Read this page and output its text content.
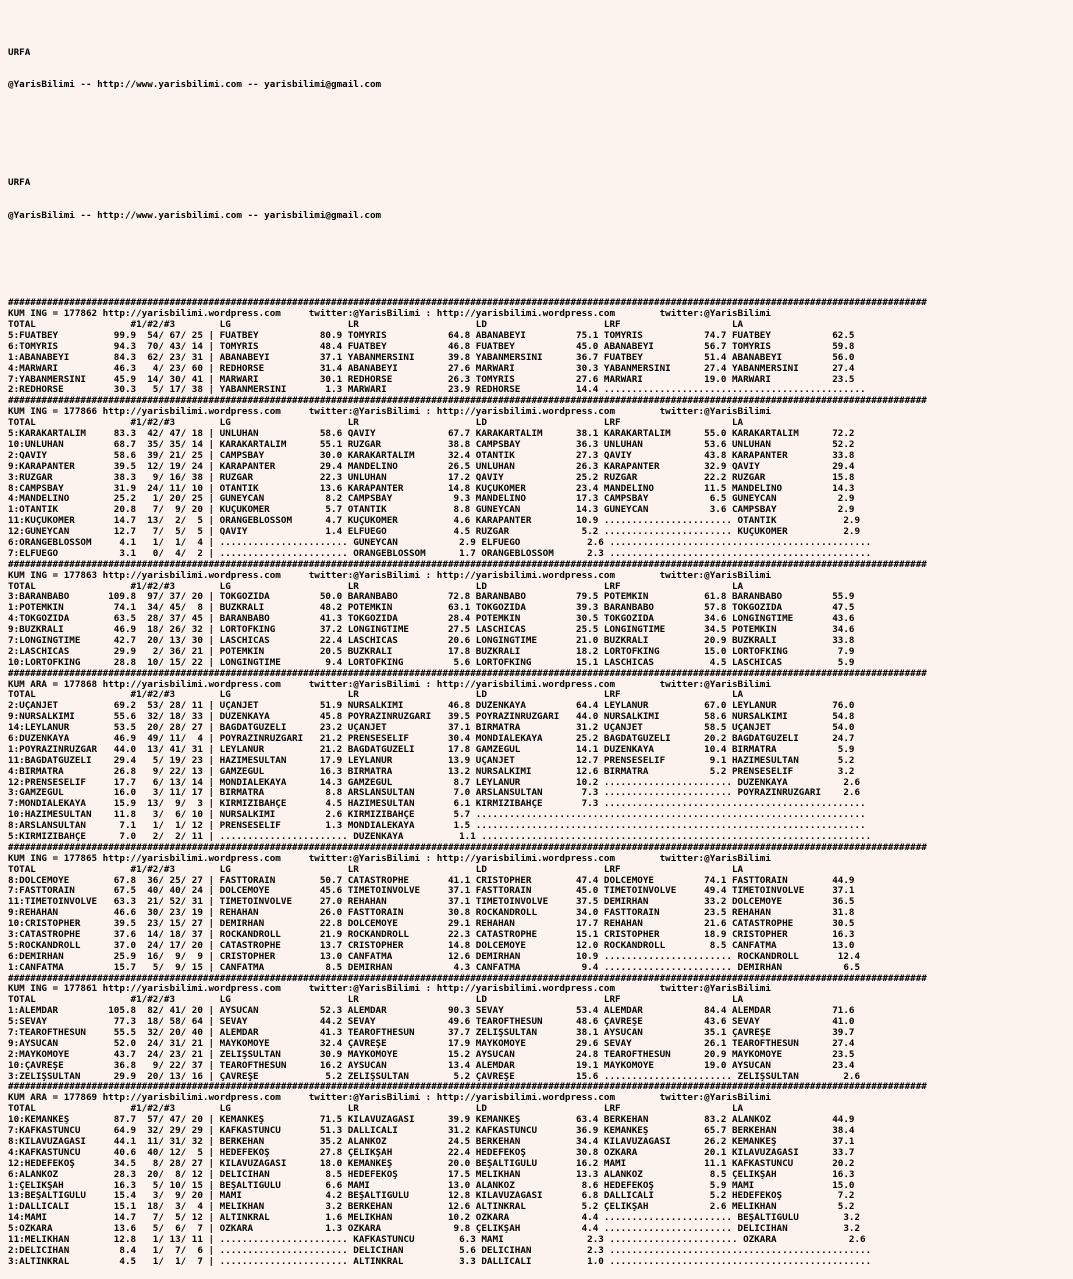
URFA

@YarisBilimi -- http://www.yarisbilimi.com -- yarisbilimi@gmail.com

URFA

@YarisBilimi -- http://www.yarisbilimi.com -- yarisbilimi@gmail.com

#####################################################################################################################################################################
KUM ING = 177862 http://yarisbilimi.wordpress.com     twitter:@YarisBilimi : http://yarisbilimi.wordpress.com        twitter:@YarisBilimi
TOTAL                 #1/#2/#3        LG                     LR                     LD                     LRF                    LA
5:FUATBEY          99.9  54/ 67/ 25 | FUATBEY           80.9 TOMYRİS           64.8 ABANABEYİ         75.1 TOMYRİS           74.7 FUATBEY           62.5
6:TOMYRİS          94.3  70/ 43/ 14 | TOMYRİS           48.4 FUATBEY           46.8 FUATBEY           45.0 ABANABEYİ         56.7 TOMYRİS           59.8
1:ABANABEYİ        84.3  62/ 23/ 31 | ABANABEYİ         37.1 YABANMERSİNİ      39.8 YABANMERSİNİ      36.7 FUATBEY           51.4 ABANABEYİ         56.0
4:MARWARI          46.3   4/ 23/ 60 | REDHORSE          31.4 ABANABEYİ         27.6 MARWARI           30.3 YABANMERSİNİ      27.4 YABANMERSİNİ      27.4
7:YABANMERSİNİ     45.9  14/ 30/ 41 | MARWARI           30.1 REDHORSE          26.3 TOMYRİS           27.6 MARWARI           19.0 MARWARI           23.5
2:REDHORSE         30.3   5/ 17/ 38 | YABANMERSİNİ       1.3 MARWARI           23.9 REDHORSE          14.4 ...............................................
#####################################################################################################################################################################
KUM ING = 177866 http://yarisbilimi.wordpress.com     twitter:@YarisBilimi : http://yarisbilimi.wordpress.com        twitter:@YarisBilimi
TOTAL                 #1/#2/#3        LG                     LR                     LD                     LRF                    LA
5:KARAKARTALIM     83.3  42/ 47/ 18 | UNLUHAN           58.6 QAVIY             67.7 KARAKARTALIM      38.1 KARAKARTALIM      55.0 KARAKARTALIM      72.2
10:UNLUHAN         68.7  35/ 35/ 14 | KARAKARTALIM      55.1 RUZGAR            38.8 CAMPSBAY          36.3 UNLUHAN           53.6 UNLUHAN           52.2
2:QAVIY            58.6  39/ 21/ 25 | CAMPSBAY          30.0 KARAKARTALIM      32.4 OTANTİK           27.3 QAVIY             43.8 KARAPANTER        33.8
9:KARAPANTER       39.5  12/ 19/ 24 | KARAPANTER        29.4 MANDELINO         26.5 UNLUHAN           26.3 KARAPANTER        32.9 QAVIY             29.4
3:RUZGAR           38.3   9/ 16/ 38 | RUZGAR            22.3 UNLUHAN           17.2 QAVIY             25.2 RUZGAR            22.2 RUZGAR            15.8
8:CAMPSBAY         31.9  24/ 11/ 10 | OTANTİK           13.6 KARAPANTER        14.8 KUÇUKOMER         23.4 MANDELINO         11.5 MANDELINO         14.3
4:MANDELINO        25.2   1/ 20/ 25 | GUNEYCAN           8.2 CAMPSBAY           9.3 MANDELINO         17.3 CAMPSBAY           6.5 GUNEYCAN           2.9
1:OTANTİK          20.8   7/  9/ 20 | KUÇUKOMER          5.7 OTANTİK            8.8 GUNEYCAN          14.3 GUNEYCAN           3.6 CAMPSBAY           2.9
11:KUÇUKOMER       14.7  13/  2/  5 | ORANGEBLOSSOM      4.7 KUÇUKOMER          4.6 KARAPANTER        10.9 ....................... OTANTİK            2.9
12:GUNEYCAN        12.7   7/  5/  5 | QAVIY              1.4 ELFUEGO            4.5 RUZGAR             5.2 ....................... KUÇUKOMER          2.9
6:ORANGEBLOSSOM     4.1   1/  1/  4 | ....................... GUNEYCAN           2.9 ELFUEGO            2.6 ...............................................
7:ELFUEGO           3.1   0/  4/  2 | ....................... ORANGEBLOSSOM      1.7 ORANGEBLOSSOM      2.3 ...............................................
#####################################################################################################################################################################
KUM ING = 177863 http://yarisbilimi.wordpress.com     twitter:@YarisBilimi : http://yarisbilimi.wordpress.com        twitter:@YarisBilimi
TOTAL                 #1/#2/#3        LG                     LR                     LD                     LRF                    LA
3:BARANBABO       109.8  97/ 37/ 20 | TOKGOZİDA         50.0 BARANBABO         72.8 BARANBABO         79.5 POTEMKIN          61.8 BARANBABO         55.9
1:POTEMKIN         74.1  34/ 45/  8 | BUZKRALI          48.2 POTEMKIN          63.1 TOKGOZİDA         39.3 BARANBABO         57.8 TOKGOZİDA         47.5
4:TOKGOZİDA        63.5  28/ 37/ 45 | BARANBABO         41.3 TOKGOZİDA         28.4 POTEMKIN          30.5 TOKGOZİDA         34.6 LONGINGTIME       43.6
9:BUZKRALI         46.9  18/ 26/ 32 | LORTOFKING        37.2 LONGINGTIME       27.5 LASCHICAS         25.5 LONGINGTIME       34.5 POTEMKIN          34.6
7:LONGINGTIME      42.7  20/ 13/ 30 | LASCHICAS         22.4 LASCHICAS         20.6 LONGINGTIME       21.0 BUZKRALI          20.9 BUZKRALI          33.8
2:LASCHICAS        29.9   2/ 36/ 21 | POTEMKIN          20.5 BUZKRALI          17.8 BUZKRALI          18.2 LORTOFKING        15.0 LORTOFKING         7.9
10:LORTOFKING      28.8  10/ 15/ 22 | LONGINGTIME        9.4 LORTOFKING         5.6 LORTOFKING        15.1 LASCHICAS          4.5 LASCHICAS          5.9
#####################################################################################################################################################################
KUM ARA = 177868 http://yarisbilimi.wordpress.com     twitter:@YarisBilimi : http://yarisbilimi.wordpress.com        twitter:@YarisBilimi
TOTAL                 #1/#2/#3        LG                     LR                     LD                     LRF                    LA
2:UÇANJET          69.2  53/ 28/ 11 | UÇANJET           51.9 NURSALKIMI        46.8 DUZENKAYA         64.4 LEYLANUR          67.0 LEYLANUR          76.0
9:NURSALKIMI       55.6  32/ 18/ 33 | DUZENKAYA         45.8 POYRAZINRUZGARI   39.5 POYRAZINRUZGARI   44.0 NURSALKIMI        58.6 NURSALKIMI        54.8
14:LEYLANUR        53.5  20/ 28/ 27 | BAGDATGUZELİ      23.2 UÇANJET           37.1 BIRMATRA          31.2 UÇANJET           58.5 UÇANJET           54.0
6:DUZENKAYA        46.9  49/ 11/  4 | POYRAZINRUZGARI   21.2 PRENSESELİF       30.4 MONDIALEKAYA      25.2 BAGDATGUZELİ      20.2 BAGDATGUZELİ      24.7
1:POYRAZINRUZGAR   44.0  13/ 41/ 31 | LEYLANUR          21.2 BAGDATGUZELİ      17.8 GAMZEGUL          14.1 DUZENKAYA         10.4 BIRMATRA           5.9
11:BAGDATGUZELİ    29.4   5/ 19/ 23 | HAZIMESULTAN      17.9 LEYLANUR          13.9 UÇANJET           12.7 PRENSESELİF        9.1 HAZIMESULTAN       5.2
4:BIRMATRA         26.8   9/ 22/ 13 | GAMZEGUL          16.3 BIRMATRA          13.2 NURSALKIMI        12.6 BIRMATRA           5.2 PRENSESELİF        3.2
12:PRENSESELİF     17.7   6/ 13/ 14 | MONDIALEKAYA      14.3 GAMZEGUL           8.7 LEYLANUR          10.2 ....................... DUZENKAYA          2.6
3:GAMZEGUL         16.0   3/ 11/ 17 | BIRMATRA           8.8 ARSLANSULTAN       7.0 ARSLANSULTAN       7.3 ....................... POYRAZINRUZGARI    2.6
7:MONDIALEKAYA     15.9  13/  9/  3 | KIRMIZIBAHÇE       4.5 HAZIMESULTAN       6.1 KIRMIZIBAHÇE       7.3 ...............................................
10:HAZIMESULTAN    11.8   3/  6/ 10 | NURSALKIMI         2.6 KIRMIZIBAHÇE       5.7 ......................................................................
8:ARSLANSULTAN      7.1   1/  1/ 12 | PRENSESELİF        1.3 MONDIALEKAYA       1.5 ......................................................................
5:KIRMIZIBAHÇE      7.0   2/  2/ 11 | ....................... DUZENKAYA          1.1 ......................................................................
#####################################################################################################################################################################
KUM ING = 177865 http://yarisbilimi.wordpress.com     twitter:@YarisBilimi : http://yarisbilimi.wordpress.com        twitter:@YarisBilimi
TOTAL                 #1/#2/#3        LG                     LR                     LD                     LRF                    LA
8:DOLCEMOYE        67.8  36/ 25/ 27 | FASTTORAIN        50.7 CATASTROPHE       41.1 CRISTOPHER        47.4 DOLCEMOYE         74.1 FASTTORAIN        44.9
7:FASTTORAIN       67.5  40/ 40/ 24 | DOLCEMOYE         45.6 TIMETOINVOLVE     37.1 FASTTORAIN        45.0 TIMETOINVOLVE     49.4 TIMETOINVOLVE     37.1
11:TIMETOINVOLVE   63.3  21/ 52/ 31 | TIMETOINVOLVE     27.0 REHAHAN           37.1 TIMETOINVOLVE     37.5 DEMİRHAN          33.2 DOLCEMOYE         36.5
9:REHAHAN          46.6  30/ 23/ 19 | REHAHAN           26.0 FASTTORAIN        30.8 ROCKANDROLL       34.0 FASTTORAIN        23.5 REHAHAN           31.8
10:CRISTOPHER      39.5  23/ 15/ 27 | DEMİRHAN          22.8 DOLCEMOYE         29.1 REHAHAN           17.7 REHAHAN           21.6 CATASTROPHE       30.5
3:CATASTROPHE      37.6  14/ 18/ 37 | ROCKANDROLL       21.9 ROCKANDROLL       22.3 CATASTROPHE       15.1 CRISTOPHER        18.9 CRISTOPHER        16.3
5:ROCKANDROLL      37.0  24/ 17/ 20 | CATASTROPHE       13.7 CRISTOPHER        14.8 DOLCEMOYE         12.0 ROCKANDROLL        8.5 CANFATMA          13.0
6:DEMİRHAN         25.9  16/  9/  9 | CRISTOPHER        13.0 CANFATMA          12.6 DEMİRHAN          10.9 ....................... ROCKANDROLL       12.4
1:CANFATMA         15.7   5/  9/ 15 | CANFATMA           8.5 DEMİRHAN           4.3 CANFATMA           9.4 ....................... DEMİRHAN           6.5
#####################################################################################################################################################################
KUM ING = 177861 http://yarisbilimi.wordpress.com     twitter:@YarisBilimi : http://yarisbilimi.wordpress.com        twitter:@YarisBilimi
TOTAL                 #1/#2/#3        LG                     LR                     LD                     LRF                    LA
1:ALEMDAR         105.8  82/ 41/ 20 | AYSUCAN           52.3 ALEMDAR           90.3 SEVAY             53.4 ALEMDAR           84.4 ALEMDAR           71.6
5:SEVAY            77.3  18/ 58/ 64 | SEVAY             44.2 SEVAY             49.6 TEAROFTHESUN      48.6 ÇAVREŞE           43.6 SEVAY             41.0
7:TEAROFTHESUN     55.5  32/ 20/ 40 | ALEMDAR           41.3 TEAROFTHESUN      37.7 ZELİŞSULTAN       38.1 AYSUCAN           35.1 ÇAVREŞE           39.7
9:AYSUCAN          52.0  24/ 31/ 21 | MAYKOMOYE         32.4 ÇAVREŞE           17.9 MAYKOMOYE         29.6 SEVAY             26.1 TEAROFTHESUN      27.4
2:MAYKOMOYE        43.7  24/ 23/ 21 | ZELİŞSULTAN       30.9 MAYKOMOYE         15.2 AYSUCAN           24.8 TEAROFTHESUN      20.9 MAYKOMOYE         23.5
10:ÇAVREŞE         36.8   9/ 22/ 37 | TEAROFTHESUN      16.2 AYSUCAN           13.4 ALEMDAR           19.1 MAYKOMOYE         19.0 AYSUCAN           23.4
3:ZELİŞSULTAN      29.9  20/ 13/ 16 | ÇAVREŞE            5.2 ZELİŞSULTAN        5.2 ÇAVREŞE           15.6 ....................... ZELİŞSULTAN        2.6
#####################################################################################################################################################################
KUM ARA = 177869 http://yarisbilimi.wordpress.com     twitter:@YarisBilimi : http://yarisbilimi.wordpress.com        twitter:@YarisBilimi
TOTAL                 #1/#2/#3        LG                     LR                     LD                     LRF                    LA
10:KEMANKEŞ        87.7  57/ 47/ 20 | KEMANKEŞ          71.5 KILAVUZAĞASI      39.9 KEMANKEŞ          63.4 BERKEHAN          83.2 ALANKOZ           44.9
7:KAFKASTUNCU      64.9  32/ 29/ 29 | KAFKASTUNCU       51.3 DALLICALI         31.2 KAFKASTUNCU       36.9 KEMANKEŞ          65.7 BERKEHAN          38.4
8:KILAVUZAĞASI     44.1  11/ 31/ 32 | BERKEHAN          35.2 ALANKOZ           24.5 BERKEHAN          34.4 KILAVUZAĞASI      26.2 KEMANKEŞ          37.1
4:KAFKASTUNCU      40.6  40/ 12/  5 | HEDEFEKOŞ         27.8 ÇELİKŞAH          22.4 HEDEFEKOŞ         30.8 OZKARA            20.1 KILAVUZAĞASI      33.7
12:HEDEFEKOŞ       34.5   8/ 28/ 27 | KILAVUZAĞASI      18.0 KEMANKEŞ          20.0 BEŞALTIGULU       16.2 MAMİ              11.1 KAFKASTUNCU       20.2
6:ALANKOZ          28.3  20/  8/ 12 | DELİCİHAN          8.5 HEDEFEKOŞ         17.5 MELİKHAN          13.3 ALANKOZ            8.5 ÇELİKŞAH          16.3
1:ÇELİKŞAH         16.3   5/ 10/ 15 | BEŞALTIGULU        6.6 MAMİ              13.0 ALANKOZ            8.6 HEDEFEKOŞ          5.9 MAMİ              15.0
13:BEŞALTIGULU     15.4   3/  9/ 20 | MAMİ               4.2 BEŞALTIGULU       12.8 KILAVUZAĞASI       6.8 DALLICALI          5.2 HEDEFEKOŞ          7.2
1:DALLICALI        15.1  18/  3/  4 | MELİKHAN           3.2 BERKEHAN          12.6 ALTINKRAL          5.2 ÇELİKŞAH           2.6 MELİKHAN           5.2
14:MAMİ            14.7   7/  5/ 12 | ALTINKRAL          1.6 MELİKHAN          10.2 OZKARA             4.4 ....................... BEŞALTIGULU        3.2
5:OZKARA           13.6   5/  6/  7 | OZKARA             1.3 OZKARA             9.8 ÇELİKŞAH           4.4 ....................... DELİCİHAN          3.2
11:MELİKHAN        12.8   1/ 13/ 11 | ....................... KAFKASTUNCU        6.3 MAMİ               2.3 ....................... OZKARA             2.6
2:DELİCİHAN         8.4   1/  7/  6 | ....................... DELİCİHAN          5.6 DELİCİHAN          2.3 ...............................................
3:ALTINKRAL         4.5   1/  1/  7 | ....................... ALTINKRAL          3.3 DALLICALI          1.0 ...............................................
